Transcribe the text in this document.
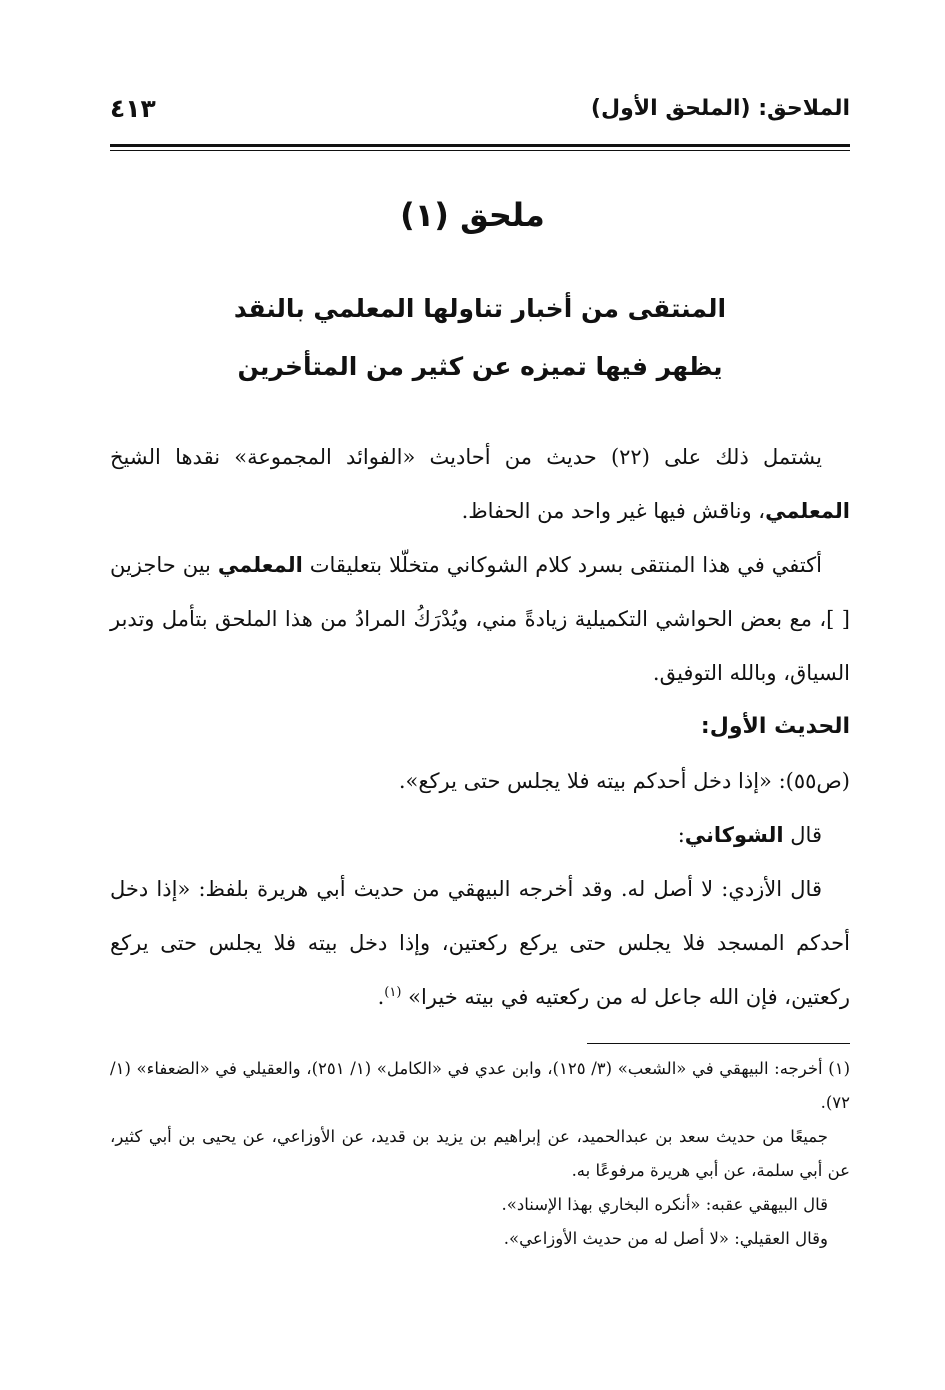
الملاحق: (الملحق الأول)
٤١٣
ملحق (١)
المنتقى من أخبار تناولها المعلمي بالنقد
يظهر فيها تميزه عن كثير من المتأخرين

يشتمل ذلك على (٢٢) حديث من أحاديث «الفوائد المجموعة» نقدها الشيخ المعلمي، وناقش فيها غير واحد من الحفاظ.

أكتفي في هذا المنتقى بسرد كلام الشوكاني متخلّلا بتعليقات المعلمي بين حاجزين [ ]، مع بعض الحواشي التكميلية زيادةً مني، ويُدْرَكُ المرادُ من هذا الملحق بتأمل وتدبر السياق، وبالله التوفيق.

الحديث الأول:

(ص٥٥): «إذا دخل أحدكم بيته فلا يجلس حتى يركع».

قال الشوكاني:

قال الأزدي: لا أصل له. وقد أخرجه البيهقي من حديث أبي هريرة بلفظ: «إذا دخل أحدكم المسجد فلا يجلس حتى يركع ركعتين، وإذا دخل بيته فلا يجلس حتى يركع ركعتين، فإن الله جاعل له من ركعتيه في بيته خيرا» $^{(١)}$.

(١) أخرجه: البيهقي في «الشعب» (٣/ ١٢٥)، وابن عدي في «الكامل» (١/ ٢٥١)، والعقيلي في «الضعفاء» (١/ ٧٢).

جميعًا من حديث سعد بن عبدالحميد، عن إبراهيم بن يزيد بن قديد، عن الأوزاعي، عن يحيى بن أبي كثير، عن أبي سلمة، عن أبي هريرة مرفوعًا به.

قال البيهقي عقبه: «أنكره البخاري بهذا الإسناد».

وقال العقيلي: «لا أصل له من حديث الأوزاعي».
